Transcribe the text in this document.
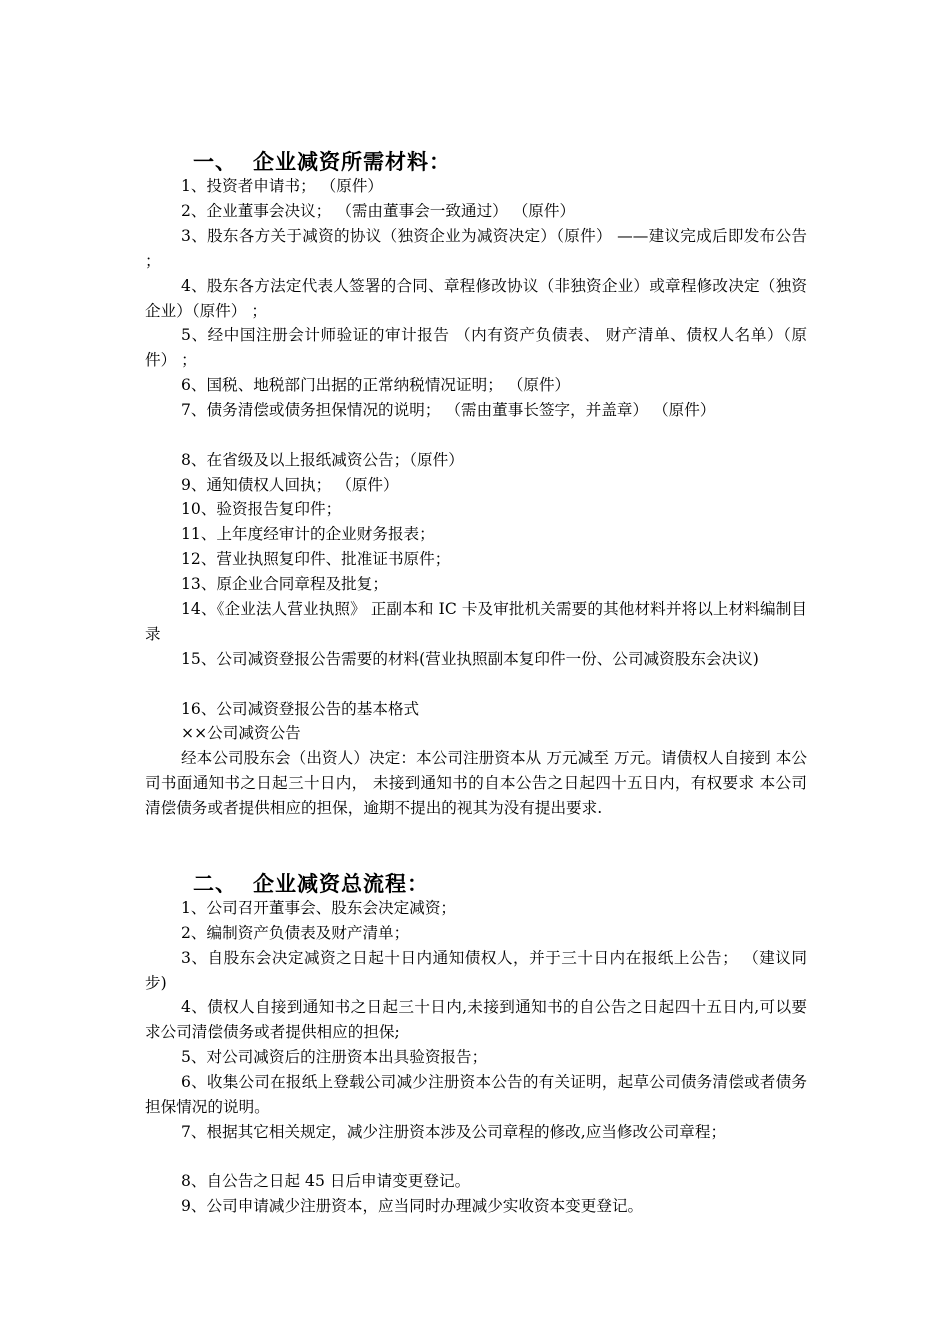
一、 企业减资所需材料：
1、投资者申请书； （原件）
2、企业董事会决议； （需由董事会一致通过） （原件）
3、股东各方关于减资的协议（独资企业为减资决定）（原件） ——建议完成后即发布公告 ；
4、股东各方法定代表人签署的合同、章程修改协议（非独资企业）或章程修改决定（独资 企业）（原件） ；
5、经中国注册会计师验证的审计报告 （内有资产负债表、 财产清单、债权人名单）（原件） ；
6、国税、地税部门出据的正常纳税情况证明； （原件）
7、债务清偿或债务担保情况的说明； （需由董事长签字，并盖章） （原件）
8、在省级及以上报纸减资公告；（原件）
9、通知债权人回执； （原件）
10、验资报告复印件；
11、上年度经审计的企业财务报表；
12、营业执照复印件、批准证书原件；
13、原企业合同章程及批复；
14、《企业法人营业执照》 正副本和 IC 卡及审批机关需要的其他材料并将以上材料编制目录
15、公司减资登报公告需要的材料(营业执照副本复印件一份、公司减资股东会决议)
16、公司减资登报公告的基本格式
××公司减资公告
经本公司股东会（出资人）决定：本公司注册资本从 万元减至 万元。请债权人自接到 本公司书面通知书之日起三十日内， 未接到通知书的自本公告之日起四十五日内，有权要求 本公司清偿债务或者提供相应的担保，逾期不提出的视其为没有提出要求.
二、 企业减资总流程：
1、公司召开董事会、股东会决定减资；
2、编制资产负债表及财产清单；
3、自股东会决定减资之日起十日内通知债权人，并于三十日内在报纸上公告； （建议同步)
4、债权人自接到通知书之日起三十日内,未接到通知书的自公告之日起四十五日内,可以要求公司清偿债务或者提供相应的担保;
5、对公司减资后的注册资本出具验资报告；
6、收集公司在报纸上登载公司减少注册资本公告的有关证明，起草公司债务清偿或者债务 担保情况的说明。
7、根据其它相关规定，减少注册资本涉及公司章程的修改,应当修改公司章程；
8、自公告之日起 45 日后申请变更登记。
9、公司申请减少注册资本，应当同时办理减少实收资本变更登记。
